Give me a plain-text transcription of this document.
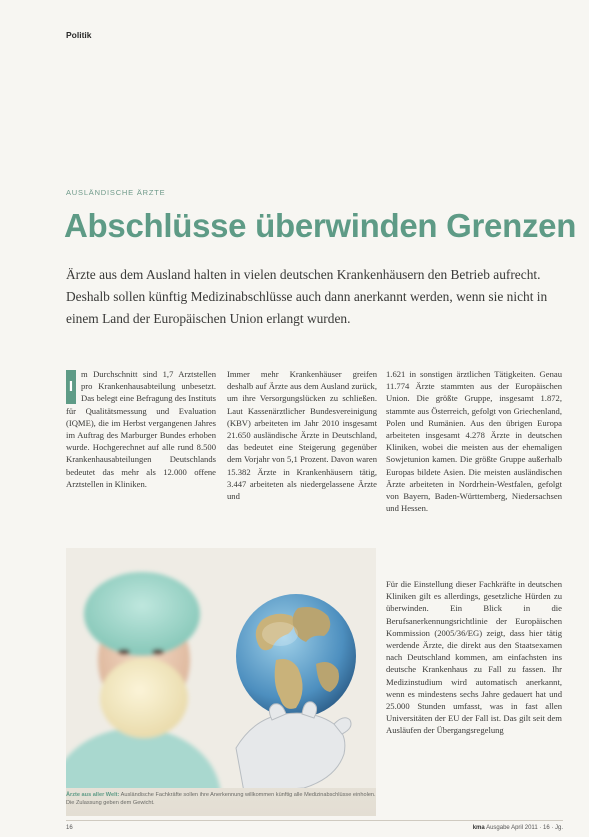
Politik
AUSLÄNDISCHE ÄRZTE
Abschlüsse überwinden Grenzen

Ärzte aus dem Ausland halten in vielen deutschen Krankenhäusern den Betrieb aufrecht. Deshalb sollen künftig Medizinabschlüsse auch dann anerkannt werden, wenn sie nicht in einem Land der Europäischen Union erlangt wurden.

I
m Durchschnitt sind 1,7 Arztstellen pro Krankenhausabteilung unbesetzt. Das belegt eine Befragung des Instituts für Qualitätsmessung und Evaluation (IQME), die im Herbst vergangenen Jahres im Auftrag des Marburger Bundes erhoben wurde. Hochgerechnet auf alle rund 8.500 Krankenhausabteilungen Deutschlands bedeutet das mehr als 12.000 offene Arztstellen in Kliniken.
Immer mehr Krankenhäuser greifen deshalb auf Ärzte aus dem Ausland zurück, um ihre Versorgungslücken zu schließen. Laut Kassenärztlicher Bundesvereinigung (KBV) arbeiteten im Jahr 2010 insgesamt 21.650 ausländische Ärzte in Deutschland, das bedeutet eine Steigerung gegenüber dem Vorjahr von 5,1 Prozent. Davon waren 15.382 Ärzte in Krankenhäusern tätig, 3.447 arbeiteten als niedergelassene Ärzte und
1.621 in sonstigen ärztlichen Tätigkeiten. Genau 11.774 Ärzte stammten aus der Europäischen Union. Die größte Gruppe, insgesamt 1.872, stammte aus Österreich, gefolgt von Griechenland, Polen und Rumänien. Aus den übrigen Europa arbeiteten insgesamt 4.278 Ärzte in deutschen Kliniken, wobei die meisten aus der ehemaligen Sowjetunion kamen. Die größte Gruppe außerhalb Europas bildete Asien. Die meisten ausländischen Ärzte arbeiteten in Nordrhein-Westfalen, gefolgt von Bayern, Baden-Württemberg, Niedersachsen und Hessen.
Für die Einstellung dieser Fachkräfte in deutschen Kliniken gilt es allerdings, gesetzliche Hürden zu überwinden. Ein Blick in die Berufsanerkennungsrichtlinie der Europäischen Kommission (2005/36/EG) zeigt, dass hier tätig werdende Ärzte, die direkt aus den Staatsexamen nach Deutschland kommen, am einfachsten ins deutsche Krankenhaus zu Fall zu fassen. Ihr Medizinstudium wird automatisch anerkannt, wenn es mindestens sechs Jahre gedauert hat und 25.000 Stunden umfasst, was in fast allen Universitäten der EU der Fall ist. Das gilt seit dem Ausläufen der Übergangsregelung
Ärzte aus aller Welt: Ausländische Fachkräfte sollen ihre Anerkennung willkommen künftig alle Medizinabschlüsse einholen. Die Zulassung geben dem Gewicht.
16	kma Ausgabe April 2011 · 16 · Jg.
